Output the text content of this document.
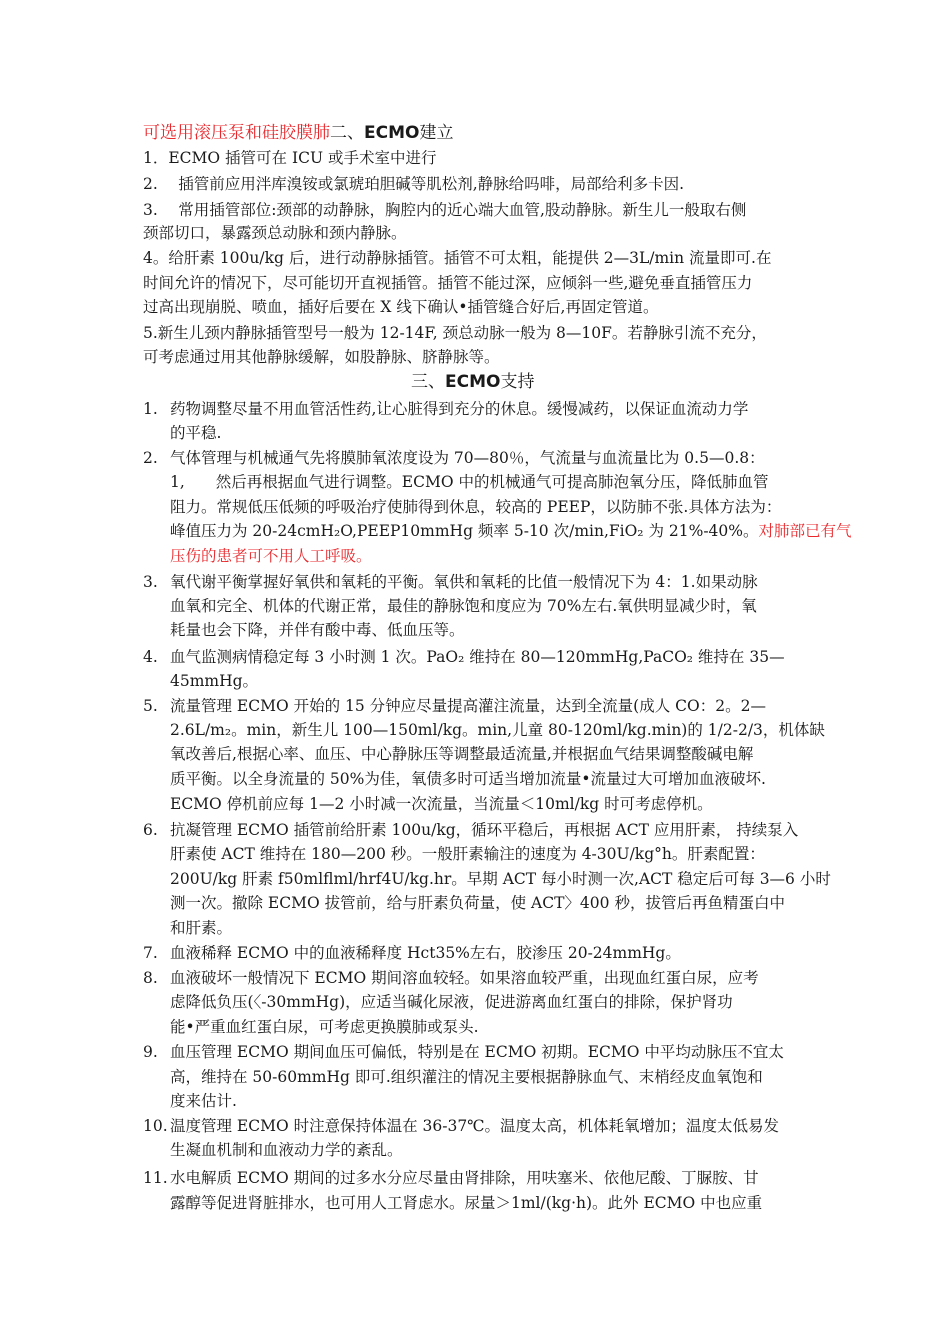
可选用滚压泵和硅胶膜肺二、ECMO建立
1．ECMO 插管可在 ICU 或手术室中进行
2.　 插管前应用泮库溴铵或氯琥珀胆碱等肌松剂,静脉给吗啡，局部给利多卡因.
3.　 常用插管部位:颈部的动静脉，胸腔内的近心端大血管,股动静脉。新生儿一般取右侧
颈部切口，暴露颈总动脉和颈内静脉。
4。给肝素 100u/kg 后，进行动静脉插管。插管不可太粗，能提供 2—3L/min 流量即可.在
时间允许的情况下，尽可能切开直视插管。插管不能过深，应倾斜一些,避免垂直插管压力
过高出现崩脱、喷血，插好后要在 X 线下确认•插管缝合好后,再固定管道。
5.新生儿颈内静脉插管型号一般为 12-14F, 颈总动脉一般为 8—10F。若静脉引流不充分，
可考虑通过用其他静脉缓解，如股静脉、脐静脉等。
三、ECMO支持
1. 药物调整尽量不用血管活性药,让心脏得到充分的休息。缓慢减药，以保证血流动力学
的平稳.
2. 气体管理与机械通气先将膜肺氧浓度设为 70—80％，气流量与血流量比为 0.5—0.8：
1,　　然后再根据血气进行调整。ECMO 中的机械通气可提高肺泡氧分压，降低肺血管
阻力。常规低压低频的呼吸治疗使肺得到休息，较高的 PEEP，以防肺不张.具体方法为：
峰值压力为 20-24cmH₂O,PEEP10mmHg 频率 5-10 次/min,FiO₂ 为 21%-40%。对肺部已有气
压伤的患者可不用人工呼吸。
3. 氧代谢平衡掌握好氧供和氧耗的平衡。氧供和氧耗的比值一般情况下为 4：1.如果动脉
血氧和完全、机体的代谢正常，最佳的静脉饱和度应为 70%左右.氧供明显减少时，氧
耗量也会下降，并伴有酸中毒、低血压等。
4. 血气监测病情稳定每 3 小时测 1 次。PaO₂ 维持在 80—120mmHg,PaCO₂ 维持在 35—
45mmHg。
5. 流量管理 ECMO 开始的 15 分钟应尽量提高灌注流量，达到全流量(成人 CO：2。2—
2.6L/m₂。min，新生儿 100—150ml/kg。min,儿童 80-120ml/kg.min)的 1/2-2/3，机体缺
氧改善后,根据心率、血压、中心静脉压等调整最适流量,并根据血气结果调整酸碱电解
质平衡。以全身流量的 50%为佳，氧债多时可适当增加流量•流量过大可增加血液破坏.
ECMO 停机前应每 1—2 小时减一次流量，当流量＜10ml/kg 时可考虑停机。
6. 抗凝管理 ECMO 插管前给肝素 100u/kg，循环平稳后，再根据 ACT 应用肝素， 持续泵入
肝素使 ACT 维持在 180—200 秒。一般肝素输注的速度为 4-30U/kg°h。肝素配置：
200U/kg 肝素 f50mlflml/hrf4U/kg.hr。早期 ACT 每小时测一次,ACT 稳定后可每 3—6 小时
测一次。撤除 ECMO 拔管前，给与肝素负荷量，使 ACT〉400 秒，拔管后再鱼精蛋白中
和肝素。
7. 血液稀释 ECMO 中的血液稀释度 Hct35%左右，胶渗压 20-24mmHg。
8. 血液破坏一般情况下 ECMO 期间溶血较轻。如果溶血较严重，出现血红蛋白尿，应考
虑降低负压(〈-30mmHg)，应适当碱化尿液，促进游离血红蛋白的排除，保护肾功
能•严重血红蛋白尿，可考虑更换膜肺或泵头.
9. 血压管理 ECMO 期间血压可偏低，特别是在 ECMO 初期。ECMO 中平均动脉压不宜太
高，维持在 50-60mmHg 即可.组织灌注的情况主要根据静脉血气、末梢经皮血氧饱和
度来估计.
10. 温度管理 ECMO 时注意保持体温在 36-37℃。温度太高，机体耗氧增加；温度太低易发
生凝血机制和血液动力学的紊乱。
11. 水电解质 ECMO 期间的过多水分应尽量由肾排除，用呋塞米、依他尼酸、丁脲胺、甘
露醇等促进肾脏排水，也可用人工肾虑水。尿量＞1ml/(kg·h)。此外 ECMO 中也应重
